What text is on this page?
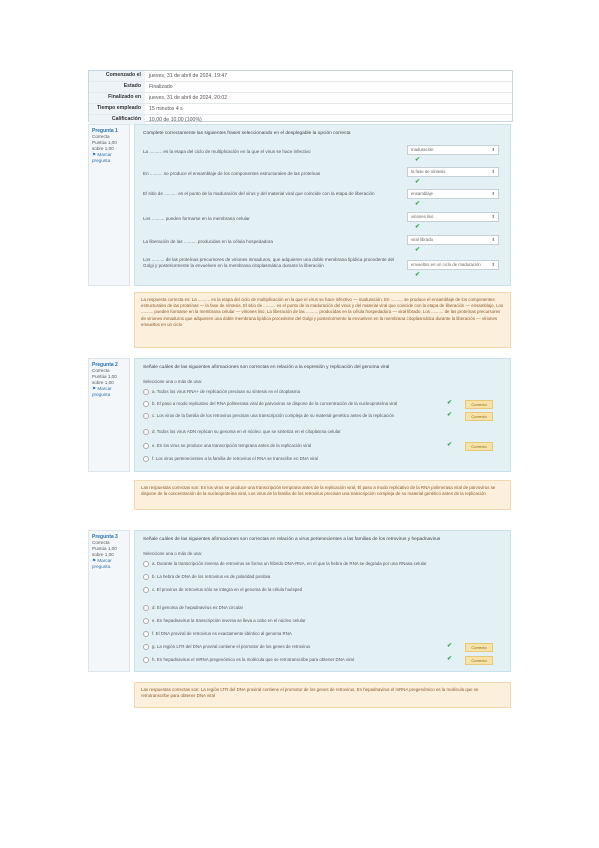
Comenzado el	jueves, 31 de abril de 2024, 19:47
Estado	Finalizado
Finalizado en	jueves, 31 de abril de 2024, 20:02
Tiempo empleado	15 minutos 4 s
Calificación	10,00 de 10,00 (100%)
Pregunta 1
Correcta
Puntúa 1,00 sobre 1,00
⚑ Marcar pregunta
Complete correctamente las siguientes frases seleccionando en el desplegable la opción correcta
La .......... es la etapa del ciclo de multiplicación en la que el virus se hace infectivo	maduración	⬍
✔
En .......... se produce el ensamblaje de los componentes estructurales de las proteínas	la fase de síntesis	⬍
✔
El sitio de .......... es el punto de la maduración del virus y del material viral que coincide con la etapa de liberación	ensamblaje	⬍
✔
Los .......... pueden formarse en la membrana celular	viriones liso	⬍
✔
La liberación de las .......... producidas en la célula hospedadora	viral librado	⬍
✔
Los .......... de las proteínas precursores de viriones inmaduros, que adquieren una doble membrana lipídica procedente del Golgi y posteriormente la envuelven en la membrana citoplasmática durante la liberación	envueltos en un ciclo de maduración ⬍
✔
La respuesta correcta es: La .......... es la etapa del ciclo de multiplicación en la que el virus se hace infectivo — maduración, En .......... se produce el ensamblaje de los componentes estructurales de las proteínas — la fase de síntesis, El sitio de .......... es el punto de la maduración del virus y del material viral que coincide con la etapa de liberación — ensamblaje, Los .......... pueden formarse en la membrana celular — viriones liso, La liberación de las .......... producidas en la célula hospedadora — viral librado, Los .......... de las proteínas precursores de viriones inmaduros que adquieren una doble membrana lipídica procedente del Golgi y posteriormente la envuelven en la membrana citoplasmática durante la liberación — viriones envueltos en un ciclo
Pregunta 2
Correcta
Puntúa 1,00 sobre 1,00
⚑ Marcar pregunta
Señale cuáles de las siguientes afirmaciones son correctas en relación a la expresión y replicación del genoma viral
Seleccione una o más de una:
a. Todos los virus RNA+ de replicación precisan su síntesis en el citoplasma
b. El paso a modo replicativo del RNA polimerasa viral de parvovirus se dispone de la concentración de la nucleoproteína viral	✔	Correcto
c. Los virus de la familia de los retrovirus precisan una transcripción compleja de su material genético antes de la replicación	✔	Correcto
d. Todos los virus ADN replican su genoma en el núcleo, que se sintetiza en el citoplasma celular
e. En los virus se produce una transcripción temprana antes de la replicación viral	✔	Correcto
f. Los virus pertenecientes a la familia de retrovirus el RNA se transcribe en DNA viral
Las respuestas correctas son: En los virus se produce una transcripción temprana antes de la replicación viral, El paso a modo replicativo de la RNA polimerasa viral de parvovirus se dispone de la concentración de la nucleoproteína viral, Los virus de la familia de los retrovirus precisan una transcripción compleja de su material genético antes de la replicación
Pregunta 3
Correcta
Puntúa 1,00 sobre 1,00
⚑ Marcar pregunta
Señale cuáles de las siguientes afirmaciones son correctas en relación a virus pertenecientes a las familias de los retrovirus y hepadnavirus
Seleccione una o más de una:
a. Durante la transcripción inversa de retrovirus se forma un híbrido DNA-RNA, en el que la hebra de RNA se degrada por una RNasa celular
b. La hebra de DNA de los retrovirus es de polaridad positiva
c. El provirus de retrovirus sólo se integra en el genoma de la célula huésped
d. El genoma de hepadnavirus es DNA circular
e. En hepadnavirus la transcripción inversa se lleva a cabo en el núcleo celular
f. El DNA proviral de retrovirus es exactamente idéntico al genoma RNA
g. La región LTR del DNA proviral contiene el promotor de los genes de retrovirus	✔	Correcto
h. En hepadnavirus el mRNA pregenómico es la molécula que se retrotranscribe para obtener DNA viral	✔	Correcto
Las respuestas correctas son: La región LTR del DNA proviral contiene el promotor de los genes de retrovirus, En hepadnavirus el mRNA pregenómico es la molécula que se retrotranscribe para obtener DNA viral
